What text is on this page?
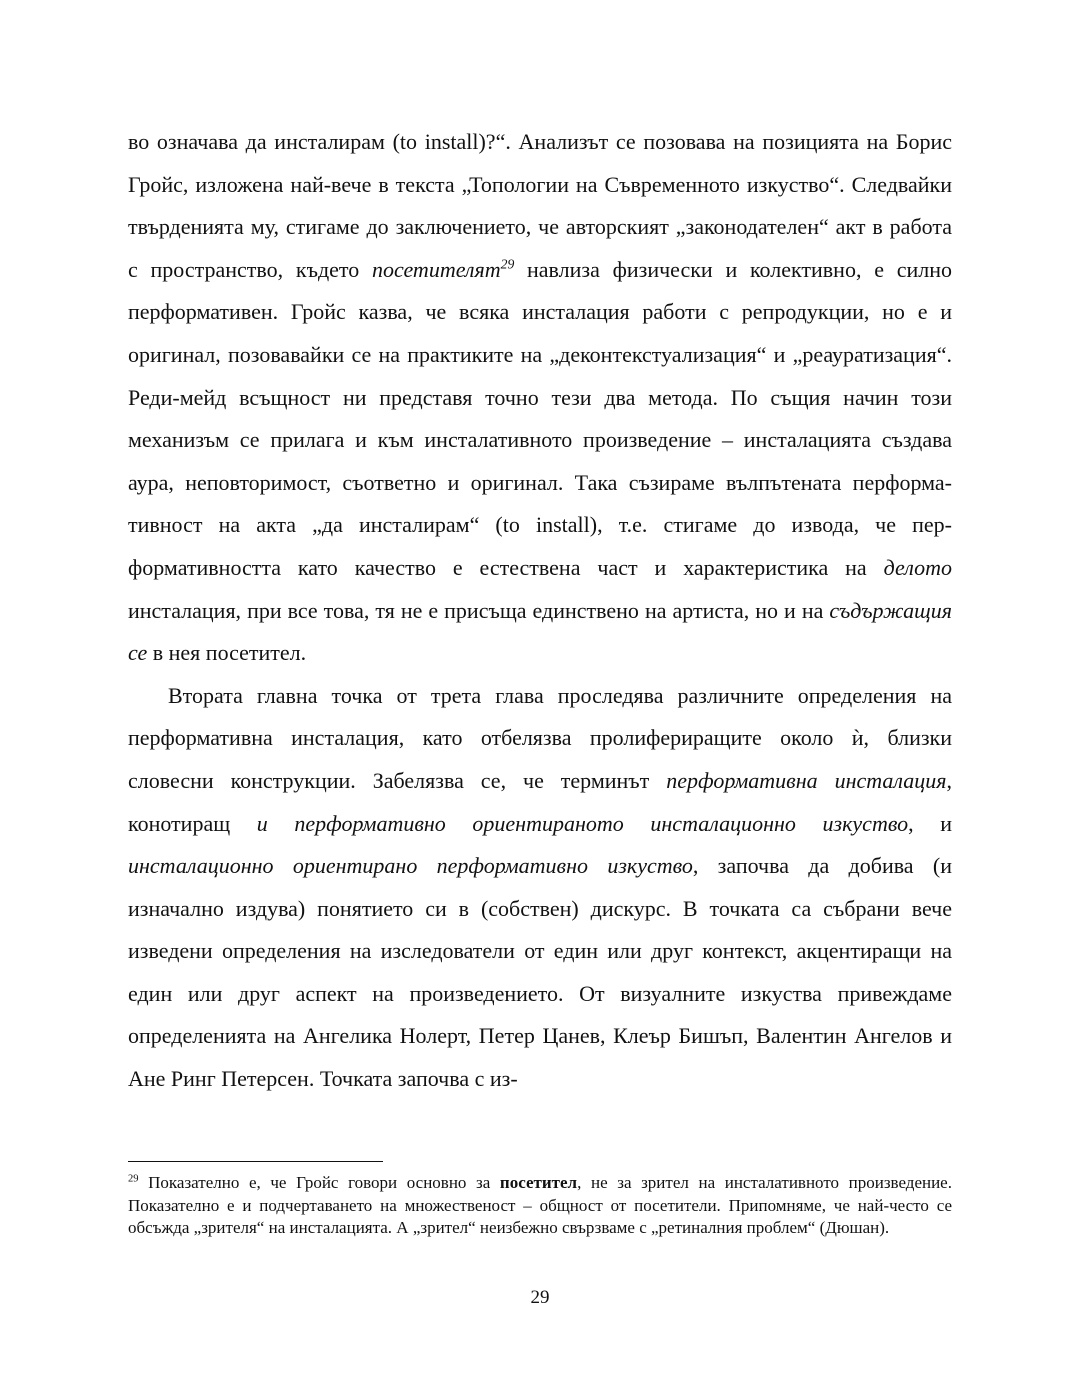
во означава да инсталирам (to install)?“. Анализът се позовава на позицията на Борис Гройс, изложена най-вече в текста „Топологии на Съвременното изкуство“. Следвайки твърденията му, стигаме до заключението, че авторският „законодателен“ акт в работа с пространство, където посетителят$^{29}$ навлиза физически и колективно, е силно перформативен. Гройс казва, че всяка инсталация работи с репродукции, но е и оригинал, позовавайки се на практиките на „деконтекстуализация“ и „реауратизация“. Реди-мейд всъщност ни представя точно тези два метода. По същия начин този механизъм се прилага и към инсталативното произведение – инсталацията създава аура, неповторимост, съответно и оригинал. Така съзираме вълпътената перформативност на акта „да инсталирам“ (to install), т.е. стигаме до извода, че перформативността като качество е естествена част и характеристика на делото инсталация, при все това, тя не е присъща единствено на артиста, но и на съдържащия се в нея посетител.

Втората главна точка от трета глава проследява различните определения на перформативна инсталация, като отбелязва пролифериращите около ѝ, близки словесни конструкции. Забелязва се, че терминът перформативна инсталация, конотиращ и перформативно ориентираното инсталационно изкуство, и инсталационно ориентирано перформативно изкуство, започва да добива (и изначално издува) понятието си в (собствен) дискурс. В точката са събрани вече изведени определения на изследователи от един или друг контекст, акцентиращи на един или друг аспект на произведението. От визуалните изкуства привеждаме определенията на Ангелика Нолерт, Петер Цанев, Клеър Бишъп, Валентин Ангелов и Ане Ринг Петерсен. Точката започва с из-

$^{29}$ Показателно е, че Гройс говори основно за посетител, не за зрител на инсталативното произведение. Показателно е и подчертаването на множественост – общност от посетители. Припомняме, че най-често се обсъжда „зрителя“ на инсталацията. А „зрител“ неизбежно свързваме с „ретиналния проблем“ (Дюшан).

29
